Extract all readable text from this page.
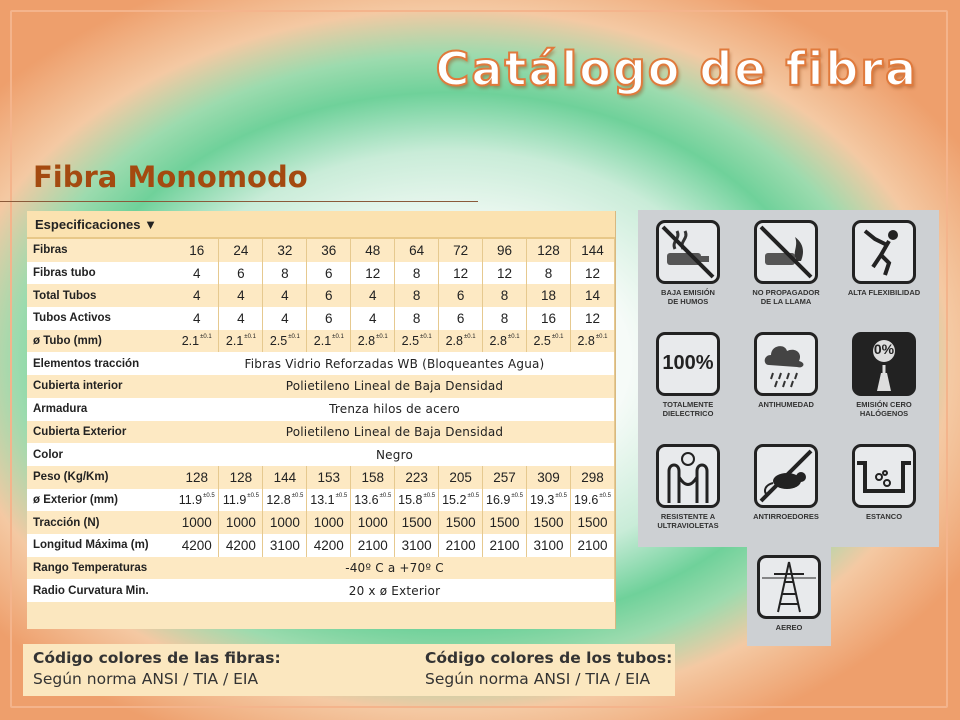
Catálogo de fibra
Fibra Monomodo
Especificaciones ▼
Fibras	16	24	32	36	48	64	72	96	128	144
Fibras tubo	4	6	8	6	12	8	12	12	8	12
Total Tubos	4	4	4	6	4	8	6	8	18	14
Tubos Activos	4	4	4	6	4	8	6	8	16	12
ø Tubo (mm)	$2.1^{\pm 0.1}$	$2.1^{\pm 0.1}$	$2.5^{\pm 0.1}$	$2.1^{\pm 0.1}$	$2.8^{\pm 0.1}$	$2.5^{\pm 0.1}$	$2.8^{\pm 0.1}$	$2.8^{\pm 0.1}$	$2.5^{\pm 0.1}$	$2.8^{\pm 0.1}$
Elementos tracción	Fibras Vidrio Reforzadas WB (Bloqueantes Agua)									
Cubierta interior	Polietileno Lineal de Baja Densidad									
Armadura	Trenza hilos de acero									
Cubierta Exterior	Polietileno Lineal de Baja Densidad									
Color	Negro									
Peso (Kg/Km)	128	128	144	153	158	223	205	257	309	298
ø Exterior (mm)	$11.9^{\pm 0.5}$	$11.9^{\pm 0.5}$	$12.8^{\pm 0.5}$	$13.1^{\pm 0.5}$	$13.6^{\pm 0.5}$	$15.8^{\pm 0.5}$	$15.2^{\pm 0.5}$	$16.9^{\pm 0.5}$	$19.3^{\pm 0.5}$	$19.6^{\pm 0.5}$
Tracción (N)	1000	1000	1000	1000	1000	1500	1500	1500	1500	1500
Longitud Máxima (m)	4200	4200	3100	4200	2100	3100	2100	2100	3100	2100
Rango Temperaturas	-40º C a +70º C									
Radio Curvatura Min.	20 x ø Exterior									
Código colores de las fibras:
Según norma ANSI / TIA / EIA
Código colores de los tubos:
Según norma ANSI / TIA / EIA
BAJA EMISIÓN
DE HUMOS
NO PROPAGADOR
DE LA LLAMA
ALTA FLEXIBILIDAD
100%
TOTALMENTE
DIELECTRICO
ANTIHUMEDAD
0%
EMISIÓN CERO
HALÓGENOS
RESISTENTE A
ULTRAVIOLETAS
ANTIRROEDORES	ESTANCO
AEREO
